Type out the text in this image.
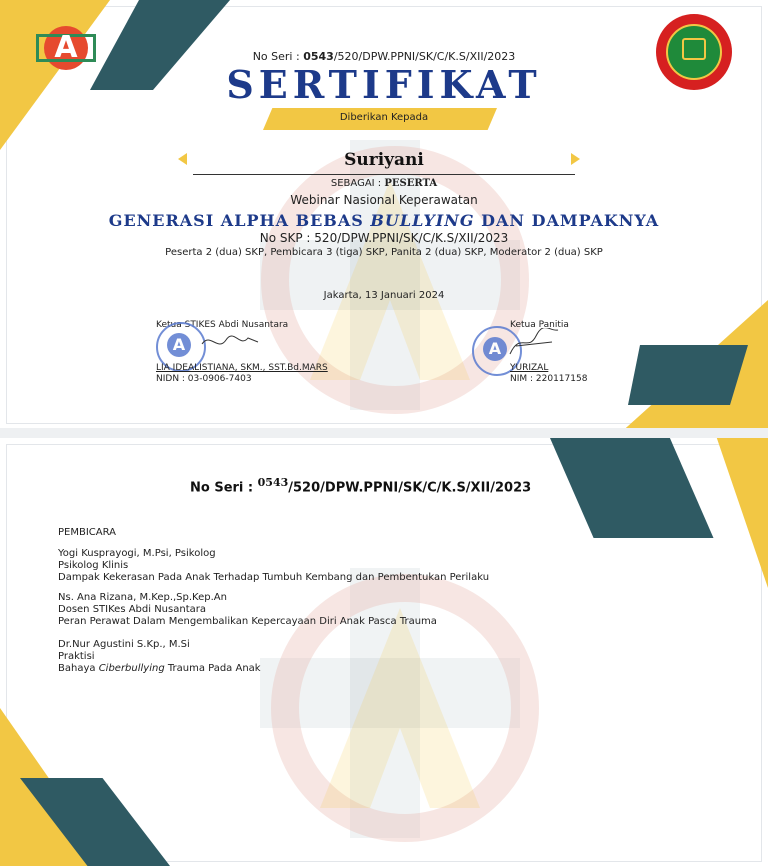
A	No Seri : 0543/520/DPW.PPNI/SK/C/K.S/XII/2023
SERTIFIKAT
Diberikan Kepada
Suriyani
SEBAGAI : PESERTA
Webinar Nasional Keperawatan
GENERASI ALPHA BEBAS BULLYING DAN DAMPAKNYA
No SKP : 520/DPW.PPNI/SK/C/K.S/XII/2023
Peserta 2 (dua) SKP, Pembicara 3 (tiga) SKP, Panita 2 (dua) SKP, Moderator 2 (dua) SKP
Jakarta, 13 Januari 2024
Ketua STIKES Abdi Nusantara
A
LIA IDEALISTIANA, SKM., SST.Bd.MARS
NIDN : 03-0906-7403
Ketua Panitia
A
YURIZAL
NIM : 220117158
No Seri : $^{0543}$/520/DPW.PPNI/SK/C/K.S/XII/2023
PEMBICARA
Yogi Kusprayogi, M.Psi, Psikolog
Psikolog Klinis
Dampak Kekerasan Pada Anak Terhadap Tumbuh Kembang dan Pembentukan Perilaku
Ns. Ana Rizana, M.Kep.,Sp.Kep.An
Dosen STIKes Abdi Nusantara
Peran Perawat Dalam Mengembalikan Kepercayaan Diri Anak Pasca Trauma
Dr.Nur Agustini S.Kp., M.Si
Praktisi
Bahaya Ciberbullying Trauma Pada Anak
